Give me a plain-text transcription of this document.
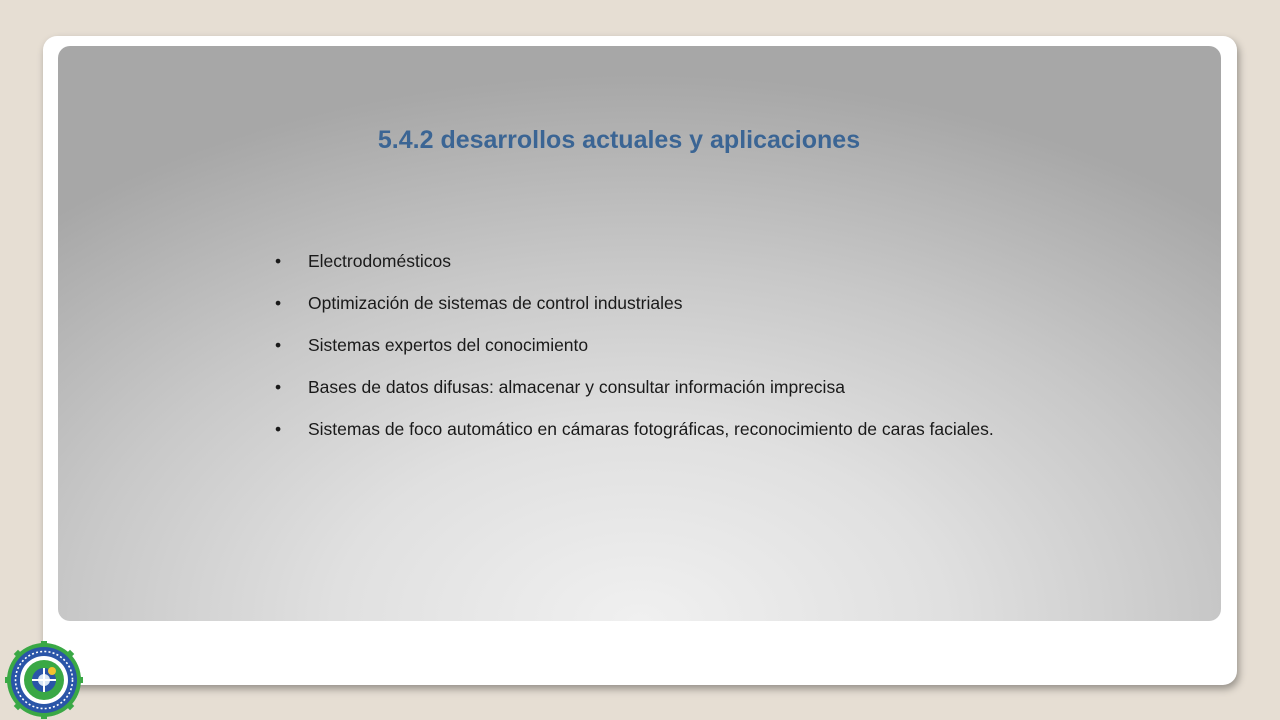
5.4.2 desarrollos actuales y aplicaciones
• Electrodomésticos
• Optimización de sistemas de control industriales
• Sistemas expertos del conocimiento
• Bases de datos difusas: almacenar y consultar información imprecisa
• Sistemas de foco automático en cámaras fotográficas, reconocimiento de caras faciales.
